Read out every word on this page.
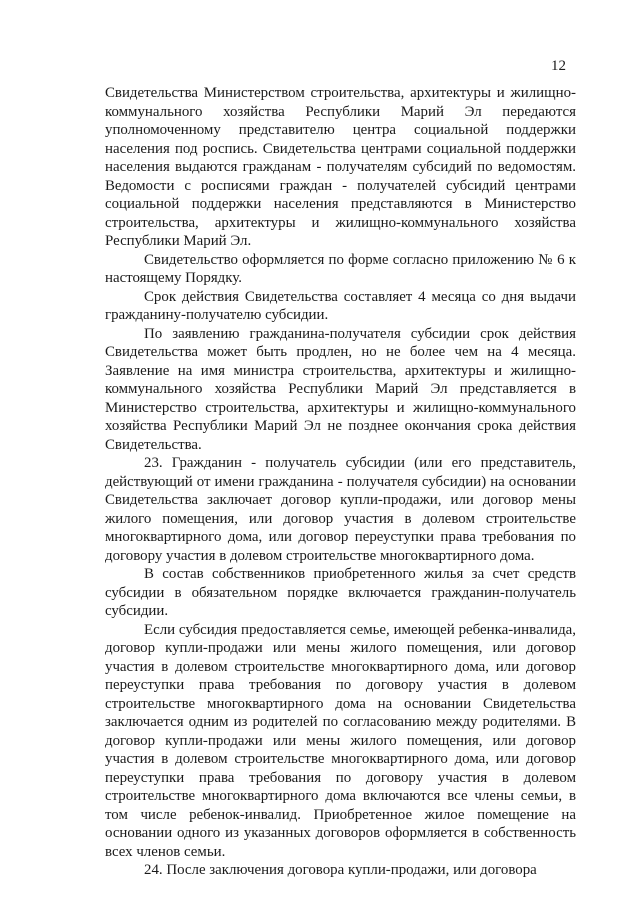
12

Свидетельства Министерством строительства, архитектуры и жилищно-коммунального хозяйства Республики Марий Эл передаются уполномоченному представителю центра социальной поддержки населения под роспись. Свидетельства центрами социальной поддержки населения выдаются гражданам - получателям субсидий по ведомостям. Ведомости с росписями граждан - получателей субсидий центрами социальной поддержки населения представляются в Министерство строительства, архитектуры и жилищно-коммунального хозяйства Республики Марий Эл.

Свидетельство оформляется по форме согласно приложению № 6 к настоящему Порядку.

Срок действия Свидетельства составляет 4 месяца со дня выдачи гражданину-получателю субсидии.

По заявлению гражданина-получателя субсидии срок действия Свидетельства может быть продлен, но не более чем на 4 месяца. Заявление на имя министра строительства, архитектуры и жилищно-коммунального хозяйства Республики Марий Эл представляется в Министерство строительства, архитектуры и жилищно-коммунального хозяйства Республики Марий Эл не позднее окончания срока действия Свидетельства.

23. Гражданин - получатель субсидии (или его представитель, действующий от имени гражданина - получателя субсидии) на основании Свидетельства заключает договор купли-продажи, или договор мены жилого помещения, или договор участия в долевом строительстве многоквартирного дома, или договор переуступки права требования по договору участия в долевом строительстве многоквартирного дома.

В состав собственников приобретенного жилья за счет средств субсидии в обязательном порядке включается гражданин-получатель субсидии.

Если субсидия предоставляется семье, имеющей ребенка-инвалида, договор купли-продажи или мены жилого помещения, или договор участия в долевом строительстве многоквартирного дома, или договор переуступки права требования по договору участия в долевом строительстве многоквартирного дома на основании Свидетельства заключается одним из родителей по согласованию между родителями. В договор купли-продажи или мены жилого помещения, или договор участия в долевом строительстве многоквартирного дома, или договор переуступки права требования по договору участия в долевом строительстве многоквартирного дома включаются все члены семьи, в том числе ребенок-инвалид. Приобретенное жилое помещение на основании одного из указанных договоров оформляется в собственность всех членов семьи.

24. После заключения договора купли-продажи, или договора
